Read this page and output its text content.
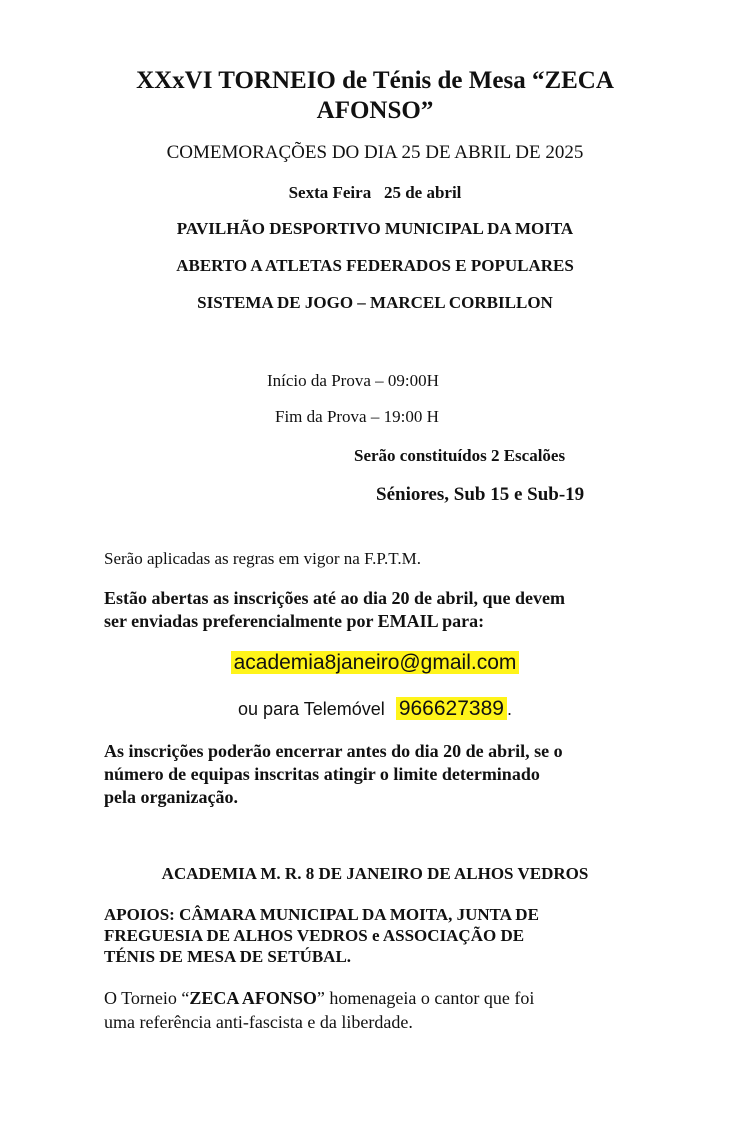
XXxVI TORNEIO de Ténis de Mesa “ZECA
AFONSO”
COMEMORAÇÕES DO DIA 25 DE ABRIL DE 2025
Sexta Feira   25 de abril
PAVILHÃO DESPORTIVO MUNICIPAL DA MOITA
ABERTO A ATLETAS FEDERADOS E POPULARES
SISTEMA DE JOGO – MARCEL CORBILLON
Início da Prova – 09:00H
Fim da Prova – 19:00 H
Serão constituídos 2 Escalões
Séniores, Sub 15 e Sub-19
Serão aplicadas as regras em vigor na F.P.T.M.
Estão abertas as inscrições até ao dia 20 de abril, que devem
ser enviadas preferencialmente por EMAIL para:
academia8janeiro@gmail.com
ou para Telemóvel 966627389 .
As inscrições poderão encerrar antes do dia 20 de abril, se o
número de equipas inscritas atingir o limite determinado
pela organização.
ACADEMIA M. R. 8 DE JANEIRO DE ALHOS VEDROS
APOIOS: CÂMARA MUNICIPAL DA MOITA, JUNTA DE
FREGUESIA DE ALHOS VEDROS e ASSOCIAÇÃO DE
TÉNIS DE MESA DE SETÚBAL.
O Torneio “ZECA AFONSO” homenageia o cantor que foi
uma referência anti-fascista e da liberdade.
